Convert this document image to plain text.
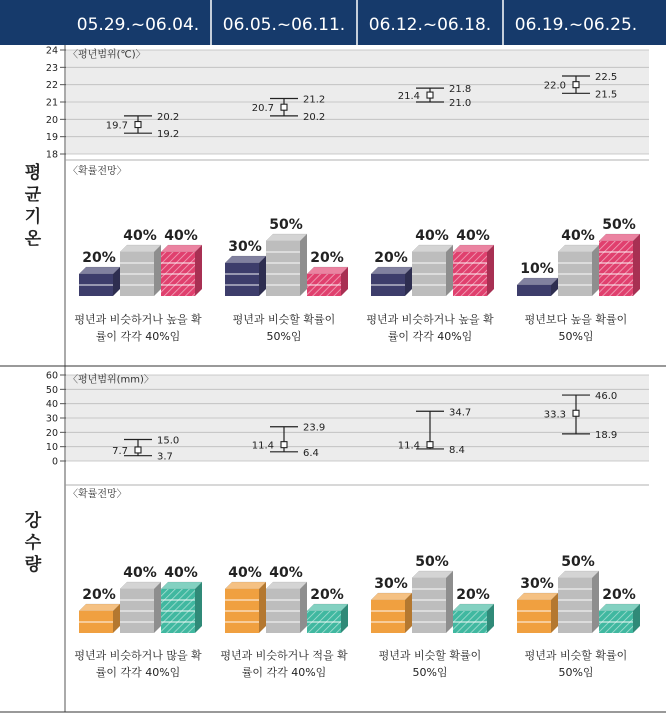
05.29.~06.04. 06.05.~06.11. 06.12.~06.18. 06.19.~06.25.
평
균
기
온
강
수
량
18
19
20
21
22
23
24 〈평년범위(℃)〉
20.2
19.2
19.7
21.2
20.2
20.7
21.8
21.0
21.4
22.5
21.5
22.0
0
10
20
30
40
50
60 〈평년범위(mm)〉
15.0
3.7
7.7
23.9
6.4
11.4
34.7
8.4
11.4
46.0
18.9
33.3
〈확률전망〉
20%
40% 40%
평년과 비슷하거나 높을 확
률이 각각 40%임
30%
50%
20%
평년과 비슷할 확률이
50%임
20%
40% 40%
평년과 비슷하거나 높을 확
률이 각각 40%임
10%
40%
50%
평년보다 높을 확률이
50%임
〈확률전망〉
20%
40% 40%
평년과 비슷하거나 많을 확
률이 각각 40%임
40% 40%
20%
평년과 비슷하거나 적을 확
률이 각각 40%임
30%
50%
20%
평년과 비슷할 확률이
50%임
30%
50%
20%
평년과 비슷할 확률이
50%임
